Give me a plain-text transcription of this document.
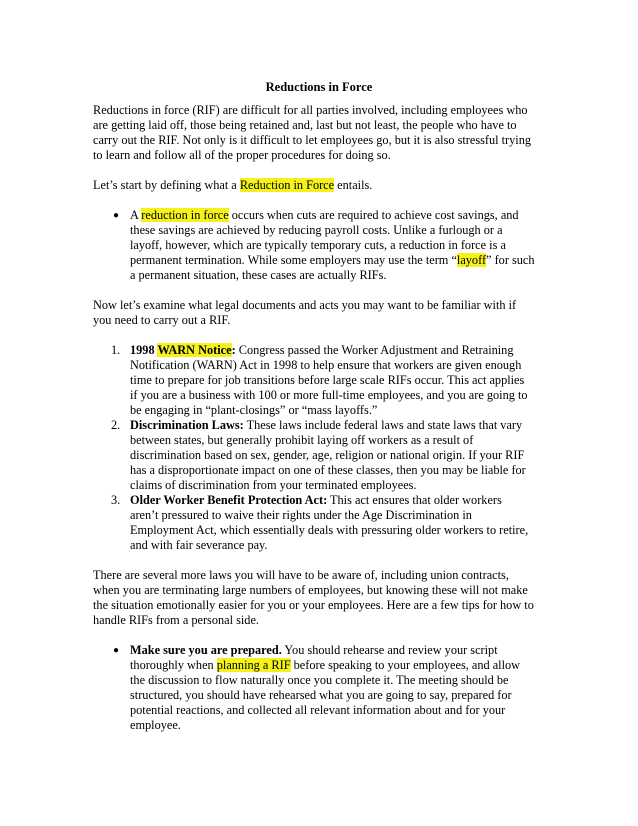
Reductions in Force
Reductions in force (RIF) are difficult for all parties involved, including employees who
are getting laid off, those being retained and, last but not least, the people who have to
carry out the RIF. Not only is it difficult to let employees go, but it is also stressful trying
to learn and follow all of the proper procedures for doing so.
Let’s start by defining what a Reduction in Force entails.
● A reduction in force occurs when cuts are required to achieve cost savings, and
these savings are achieved by reducing payroll costs. Unlike a furlough or a
layoff, however, which are typically temporary cuts, a reduction in force is a
permanent termination. While some employers may use the term “layoff” for such
a permanent situation, these cases are actually RIFs.
Now let’s examine what legal documents and acts you may want to be familiar with if
you need to carry out a RIF.
1. 1998 WARN Notice: Congress passed the Worker Adjustment and Retraining
Notification (WARN) Act in 1998 to help ensure that workers are given enough
time to prepare for job transitions before large scale RIFs occur. This act applies
if you are a business with 100 or more full-time employees, and you are going to
be engaging in “plant-closings” or “mass layoffs.”
2. Discrimination Laws: These laws include federal laws and state laws that vary
between states, but generally prohibit laying off workers as a result of
discrimination based on sex, gender, age, religion or national origin. If your RIF
has a disproportionate impact on one of these classes, then you may be liable for
claims of discrimination from your terminated employees.
3. Older Worker Benefit Protection Act: This act ensures that older workers
aren’t pressured to waive their rights under the Age Discrimination in
Employment Act, which essentially deals with pressuring older workers to retire,
and with fair severance pay.
There are several more laws you will have to be aware of, including union contracts,
when you are terminating large numbers of employees, but knowing these will not make
the situation emotionally easier for you or your employees. Here are a few tips for how to
handle RIFs from a personal side.
● Make sure you are prepared. You should rehearse and review your script
thoroughly when planning a RIF before speaking to your employees, and allow
the discussion to flow naturally once you complete it. The meeting should be
structured, you should have rehearsed what you are going to say, prepared for
potential reactions, and collected all relevant information about and for your
employee.
